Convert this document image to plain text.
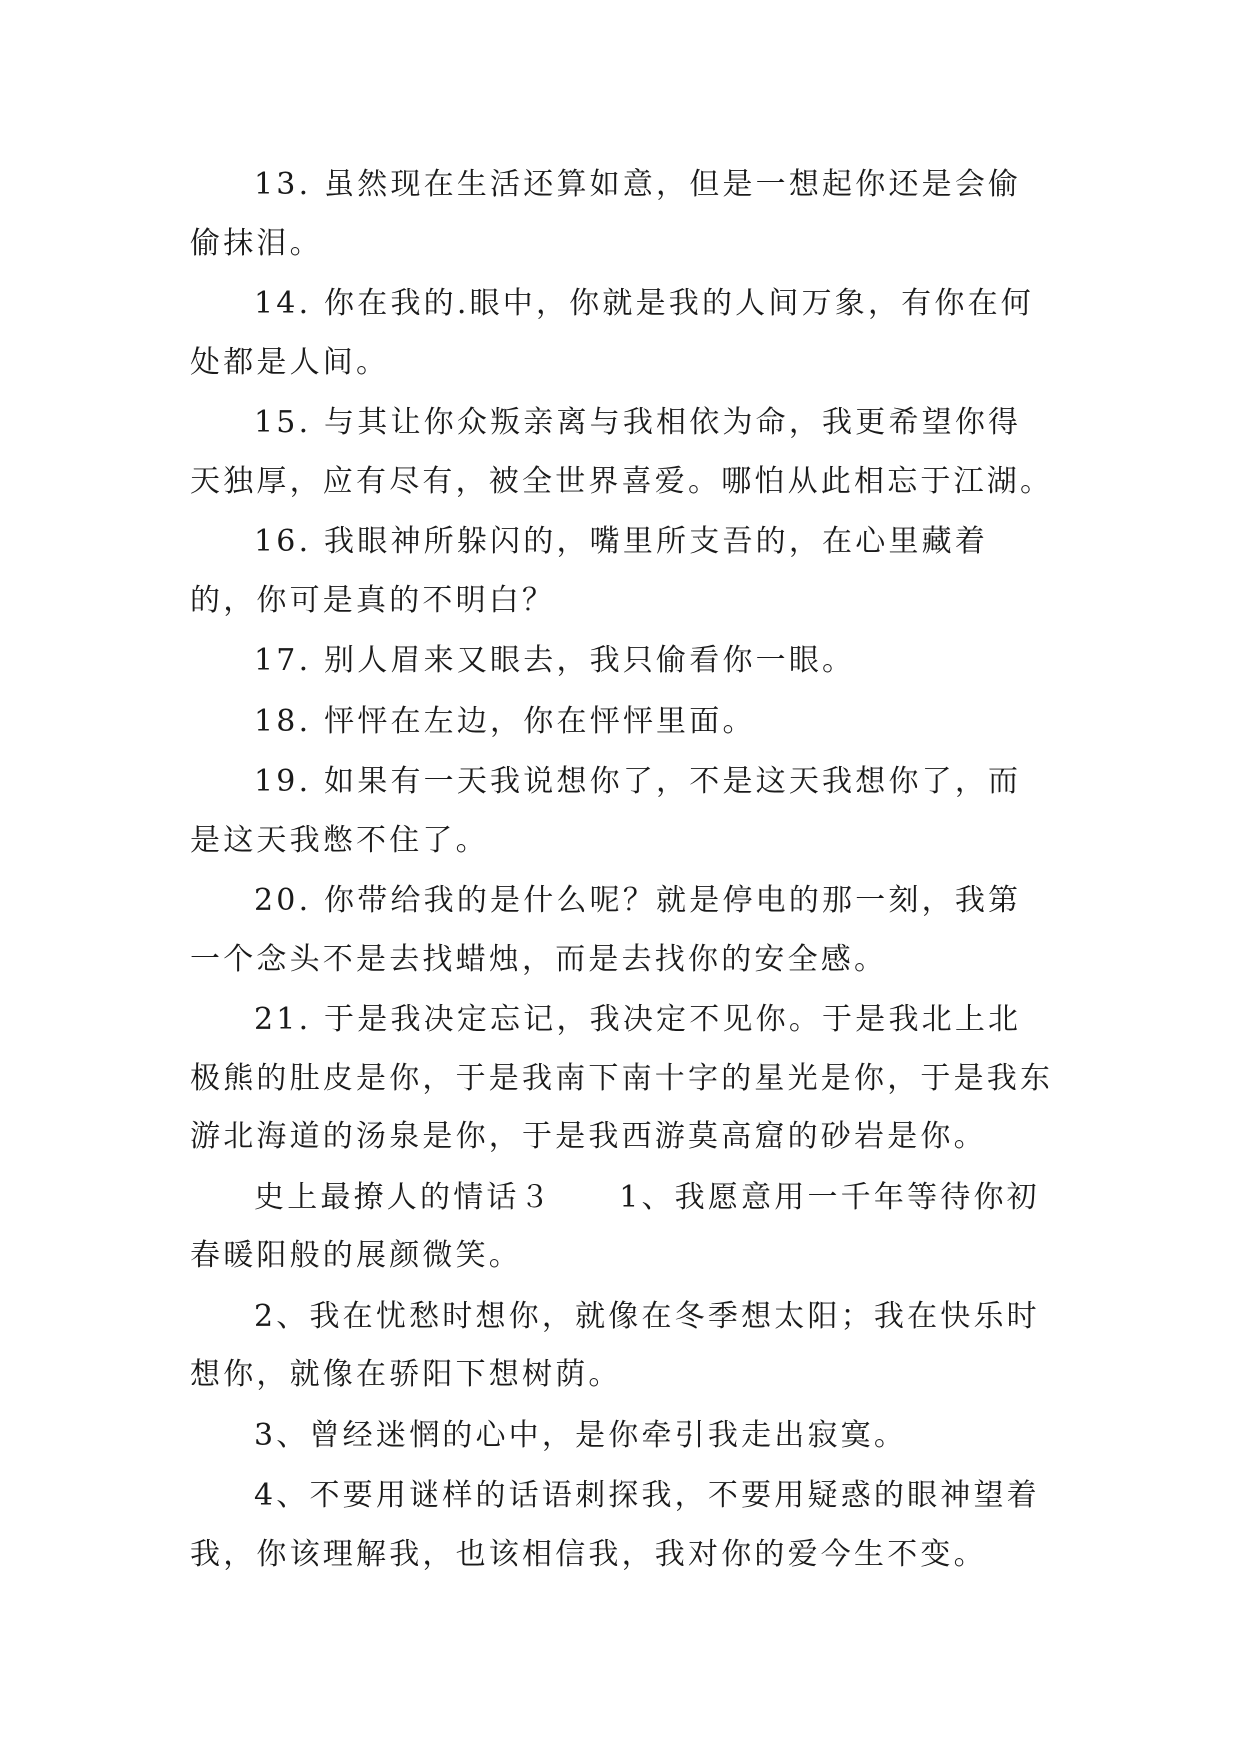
13. 虽然现在生活还算如意，但是一想起你还是会偷偷抹泪。

14. 你在我的.眼中，你就是我的人间万象，有你在何处都是人间。

15. 与其让你众叛亲离与我相依为命，我更希望你得天独厚，应有尽有，被全世界喜爱。哪怕从此相忘于江湖。

16. 我眼神所躲闪的，嘴里所支吾的，在心里藏着的，你可是真的不明白？

17. 别人眉来又眼去，我只偷看你一眼。

18. 怦怦在左边，你在怦怦里面。

19. 如果有一天我说想你了，不是这天我想你了，而是这天我憋不住了。

20. 你带给我的是什么呢？就是停电的那一刻，我第一个念头不是去找蜡烛，而是去找你的安全感。

21. 于是我决定忘记，我决定不见你。于是我北上北极熊的肚皮是你，于是我南下南十字的星光是你，于是我东游北海道的汤泉是你，于是我西游莫高窟的砂岩是你。

史上最撩人的情话３　　1、我愿意用一千年等待你初春暖阳般的展颜微笑。

2、我在忧愁时想你，就像在冬季想太阳；我在快乐时想你，就像在骄阳下想树荫。

3、曾经迷惘的心中，是你牵引我走出寂寞。

4、不要用谜样的话语刺探我，不要用疑惑的眼神望着我，你该理解我，也该相信我，我对你的爱今生不变。
